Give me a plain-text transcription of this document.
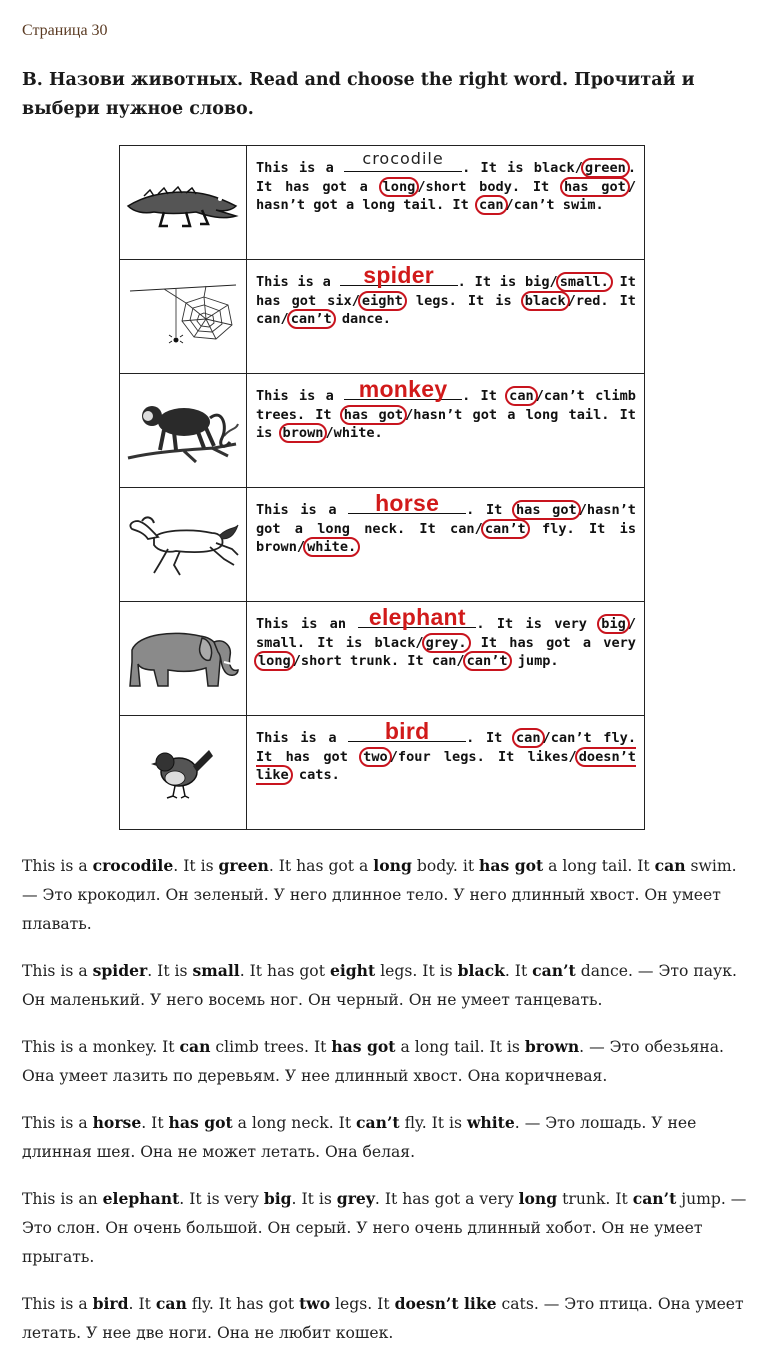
Страница 30
B. Назови животных. Read and choose the right word. Прочитай и выбери нужное слово.

This is a crocodile . It is black/ green . It has got a long /short body. It has got / hasn’t got a long tail. It can /can’t swim.

This is a spider . It is big/ small. It has got six/ eight legs. It is black /red. It can/ can’t dance.

This is a monkey . It can /can’t climb trees. It has got /hasn’t got a long tail. It is brown /white.

This is a horse . It has got /hasn’t got a long neck. It can/ can’t fly. It is brown/ white.

This is an elephant . It is very big / small. It is black/ grey. It has got a very long /short trunk. It can/ can’t jump.

This is a bird . It can /can’t fly. It has got two /four legs. It likes/ doesn’t like cats.

This is a crocodile. It is green. It has got a long body. it has got a long tail. It can swim. — Это крокодил. Он зеленый. У него длинное тело. У него длинный хвост. Он умеет плавать.

This is a spider. It is small. It has got eight legs. It is black. It can’t dance. — Это паук. Он маленький. У него восемь ног. Он черный. Он не умеет танцевать.

This is a monkey. It can climb trees. It has got a long tail. It is brown. — Это обезьяна. Она умеет лазить по деревьям. У нее длинный хвост. Она коричневая.

This is a horse. It has got a long neck. It can’t fly. It is white. — Это лошадь. У нее длинная шея. Она не может летать. Она белая.

This is an elephant. It is very big. It is grey. It has got a very long trunk. It can’t jump. — Это слон. Он очень большой. Он серый. У него очень длинный хобот. Он не умеет прыгать.

This is a bird. It can fly. It has got two legs. It doesn’t like cats. — Это птица. Она умеет летать. У нее две ноги. Она не любит кошек.
